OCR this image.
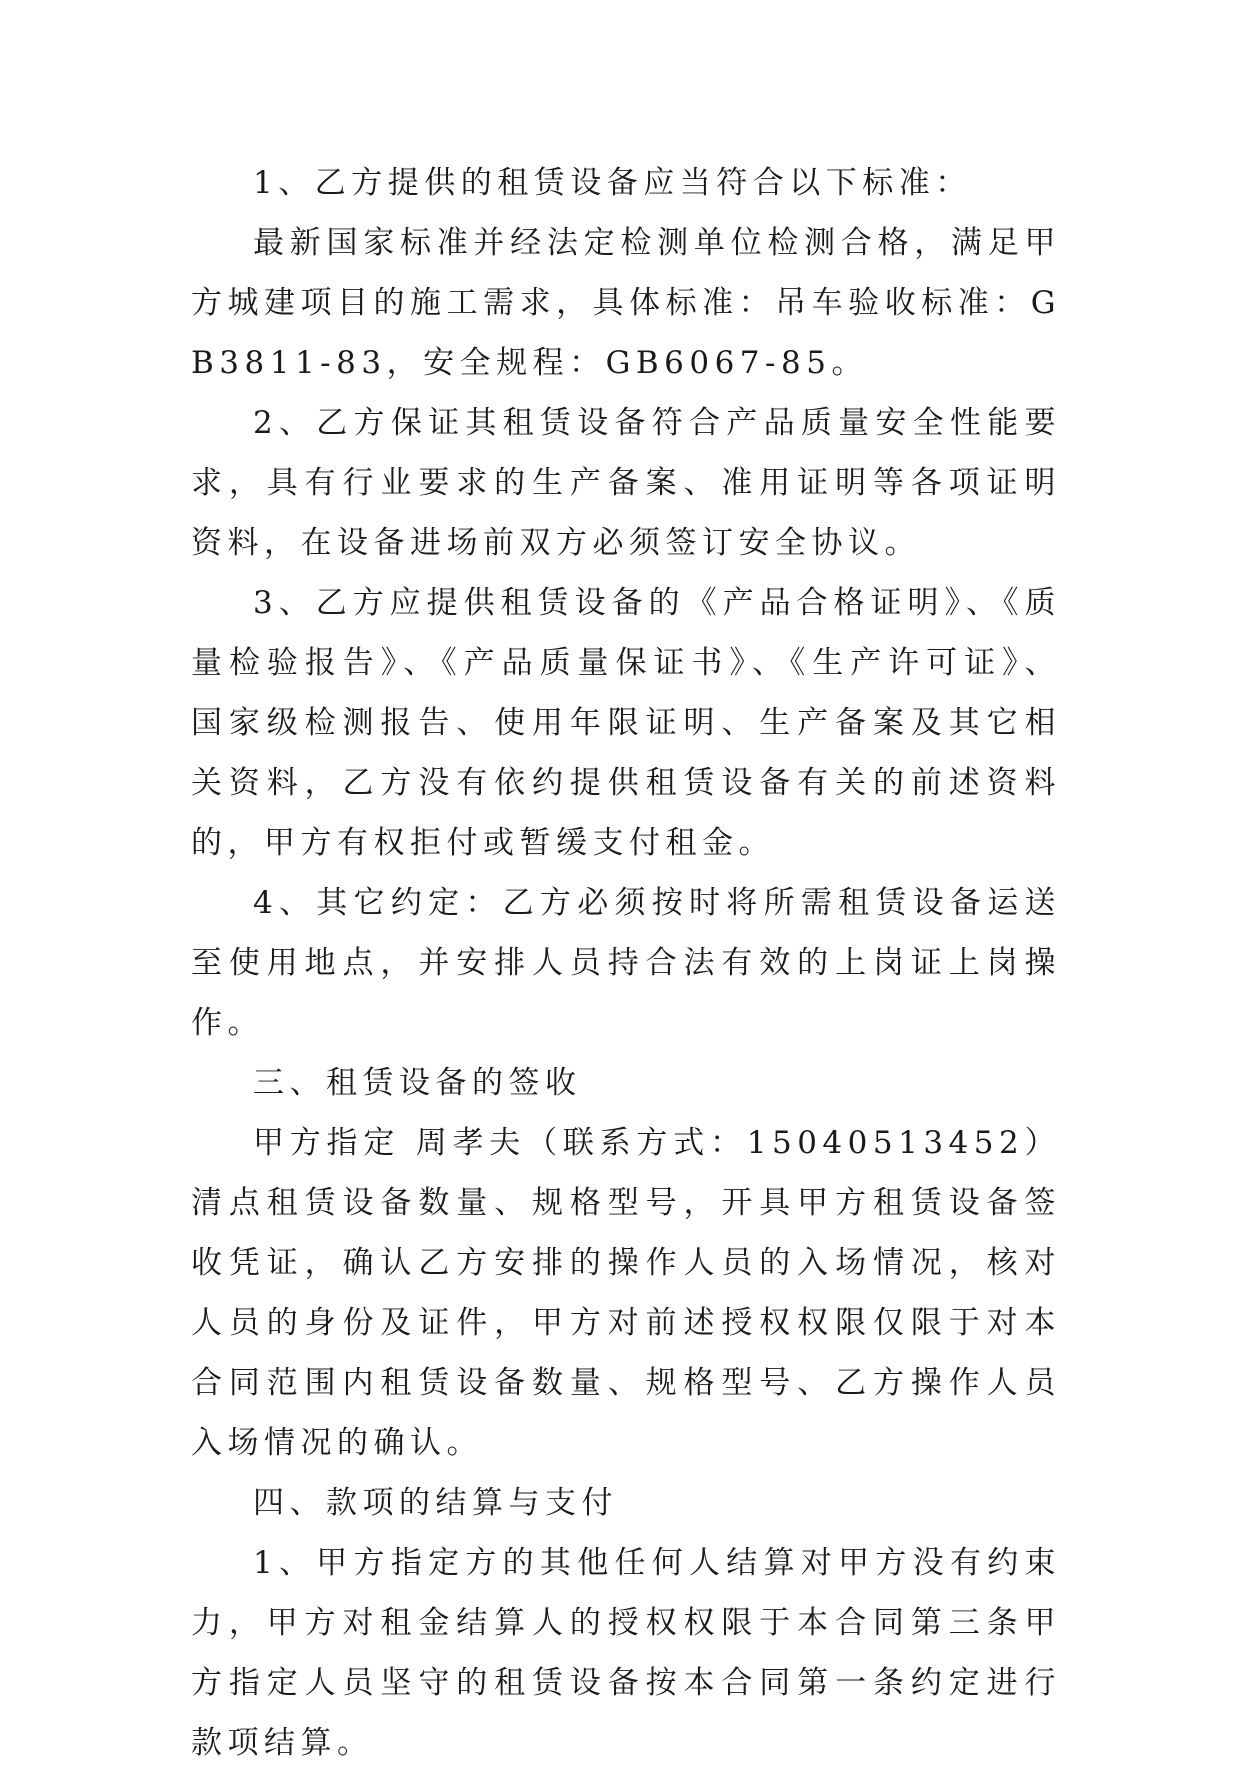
1、乙方提供的租赁设备应当符合以下标准：

最新国家标准并经法定检测单位检测合格，满足甲方城建项目的施工需求，具体标准：吊车验收标准：GB3811-83，安全规程：GB6067-85。

2、乙方保证其租赁设备符合产品质量安全性能要求，具有行业要求的生产备案、准用证明等各项证明资料，在设备进场前双方必须签订安全协议。

3、乙方应提供租赁设备的《产品合格证明》、《质量检验报告》、《产品质量保证书》、《生产许可证》、国家级检测报告、使用年限证明、生产备案及其它相关资料，乙方没有依约提供租赁设备有关的前述资料的，甲方有权拒付或暂缓支付租金。

4、其它约定：乙方必须按时将所需租赁设备运送至使用地点，并安排人员持合法有效的上岗证上岗操作。

三、租赁设备的签收

甲方指定 周孝夫（联系方式：15040513452） 清点租赁设备数量、规格型号，开具甲方租赁设备签收凭证，确认乙方安排的操作人员的入场情况，核对人员的身份及证件，甲方对前述授权权限仅限于对本合同范围内租赁设备数量、规格型号、乙方操作人员入场情况的确认。

四、款项的结算与支付

1、甲方指定方的其他任何人结算对甲方没有约束力，甲方对租金结算人的授权权限于本合同第三条甲方指定人员坚守的租赁设备按本合同第一条约定进行款项结算。
